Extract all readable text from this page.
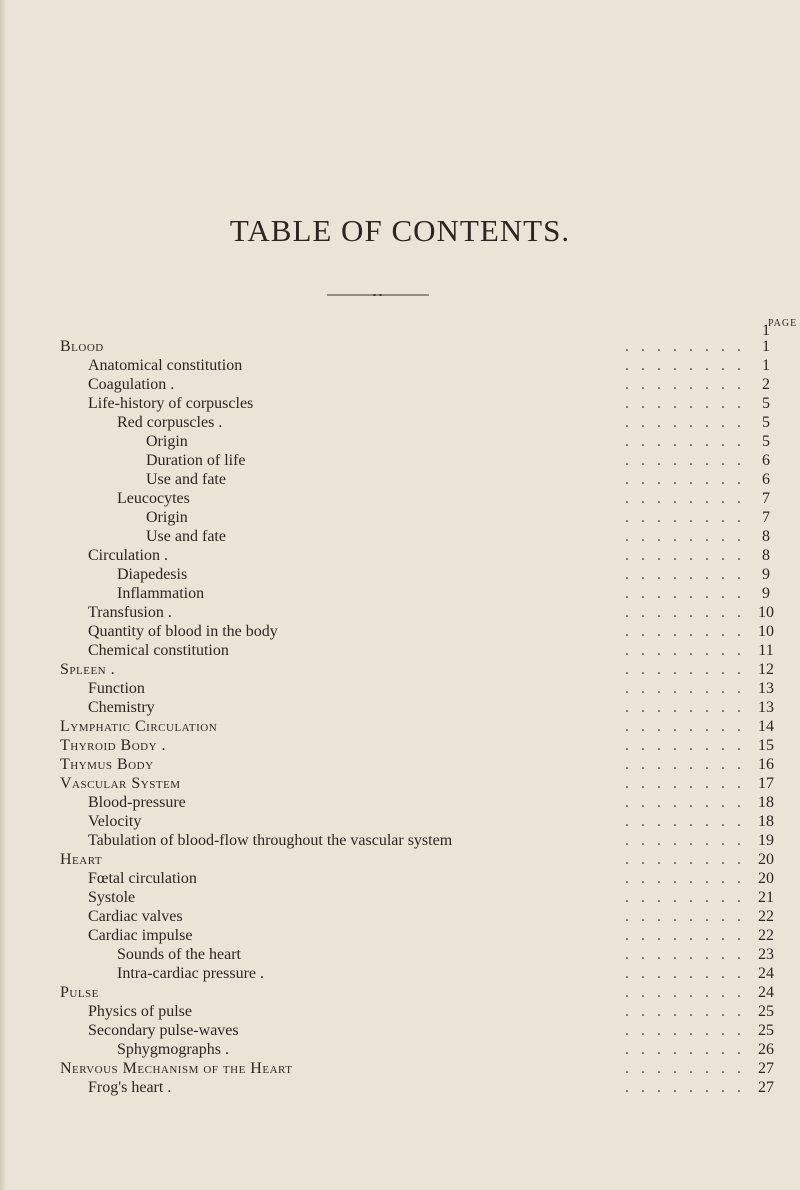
TABLE OF CONTENTS.
PAGE
1
Blood	. . . . . . . .	1
Anatomical constitution	. . . . . . . .	1
Coagulation .	. . . . . . . .	2
Life-history of corpuscles	. . . . . . . .	5
Red corpuscles .	. . . . . . . .	5
Origin	. . . . . . . .	5
Duration of life	. . . . . . . .	6
Use and fate	. . . . . . . .	6
Leucocytes	. . . . . . . .	7
Origin	. . . . . . . .	7
Use and fate	. . . . . . . .	8
Circulation .	. . . . . . . .	8
Diapedesis	. . . . . . . .	9
Inflammation	. . . . . . . .	9
Transfusion .	. . . . . . . . 10
Quantity of blood in the body	. . . . . . . . 10
Chemical constitution	. . . . . . . . 11
Spleen .	. . . . . . . . 12
Function	. . . . . . . . 13
Chemistry	. . . . . . . . 13
Lymphatic Circulation	. . . . . . . . 14
Thyroid Body .	. . . . . . . . 15
Thymus Body	. . . . . . . . 16
Vascular System	. . . . . . . . 17
Blood-pressure	. . . . . . . . 18
Velocity	. . . . . . . . 18
Tabulation of blood-flow throughout the vascular system	. . . . . . . . 19
Heart	. . . . . . . . 20
Fœtal circulation	. . . . . . . . 20
Systole	. . . . . . . . 21
Cardiac valves	. . . . . . . . 22
Cardiac impulse	. . . . . . . . 22
Sounds of the heart	. . . . . . . . 23
Intra-cardiac pressure .	. . . . . . . . 24
Pulse	. . . . . . . . 24
Physics of pulse	. . . . . . . . 25
Secondary pulse-waves	. . . . . . . . 25
Sphygmographs .	. . . . . . . . 26
Nervous Mechanism of the Heart	. . . . . . . . 27
Frog's heart .	. . . . . . . . 27
